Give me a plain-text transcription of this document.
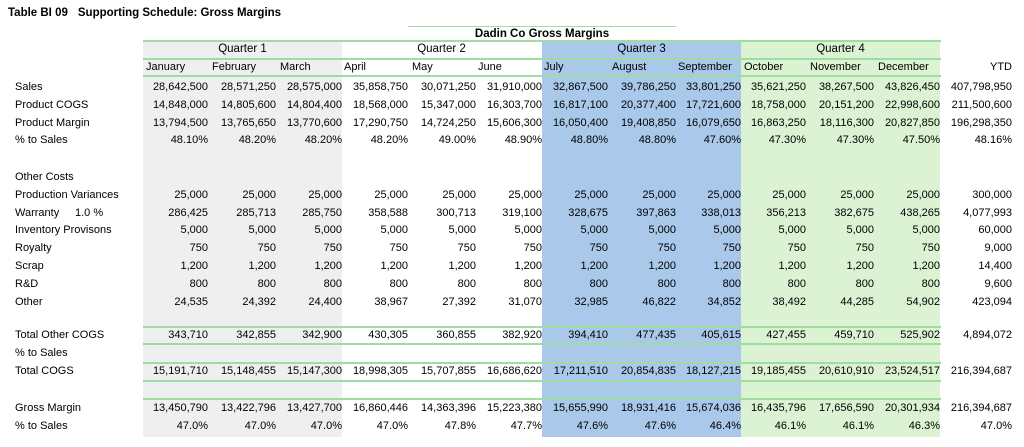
Table BI 09 Supporting Schedule: Gross Margins
Dadin Co Gross Margins
Quarter 1	Quarter 2	Quarter 3	Quarter 4
January February March	April	May	June	July	August	September October November December	YTD
Sales	28,642,500	28,571,250 28,575,000 35,858,750	30,071,250 31,910,000 32,867,500	39,786,250 33,801,250 35,621,250	38,267,500 43,826,450 407,798,950
Product COGS	14,848,000	14,805,600 14,804,400 18,568,000	15,347,000 16,303,700 16,817,100	20,377,400 17,721,600 18,758,000	20,151,200 22,998,600	211,500,600
Product Margin	13,794,500	13,765,650 13,770,600 17,290,750	14,724,250 15,606,300 16,050,400	19,408,850 16,079,650 16,863,250	18,116,300 20,827,850 196,298,350
% to Sales	48.10%	48.20%	48.20%	48.20%	49.00%	48.90%	48.80%	48.80%	47.60%	47.30%	47.30%	47.50%	48.16%
Other Costs
Production Variances	25,000	25,000	25,000	25,000	25,000	25,000	25,000	25,000	25,000	25,000	25,000	25,000	300,000
Warranty	286,425	285,713	285,750	358,588	300,713	319,100	328,675	397,863	338,013	356,213	382,675	438,265	4,077,993
Inventory Provisons	5,000	5,000	5,000	5,000	5,000	5,000	5,000	5,000	5,000	5,000	5,000	5,000	60,000
Royalty	750	750	750	750	750	750	750	750	750	750	750	750	9,000
Scrap	1,200	1,200	1,200	1,200	1,200	1,200	1,200	1,200	1,200	1,200	1,200	1,200	14,400
R&D	800	800	800	800	800	800	800	800	800	800	800	800	9,600
Other	24,535	24,392	24,400	38,967	27,392	31,070	32,985	46,822	34,852	38,492	44,285	54,902	423,094
Total Other COGS	343,710	342,855	342,900	430,305	360,855	382,920	394,410	477,435	405,615	427,455	459,710	525,902	4,894,072
% to Sales
Total COGS	15,191,710	15,148,455 15,147,300 18,998,305	15,707,855 16,686,620	17,211,510	20,854,835 18,127,215 19,185,455	20,610,910 23,524,517 216,394,687
Gross Margin	13,450,790	13,422,796 13,427,700 16,860,446	14,363,396 15,223,380 15,655,990	18,931,416 15,674,036 16,435,796	17,656,590 20,301,934 216,394,687
% to Sales	47.0%	47.0%	47.0%	47.0%	47.8%	47.7%	47.6%	47.6%	46.4%	46.1%	46.1%	46.3%	47.0%
1.0 %
